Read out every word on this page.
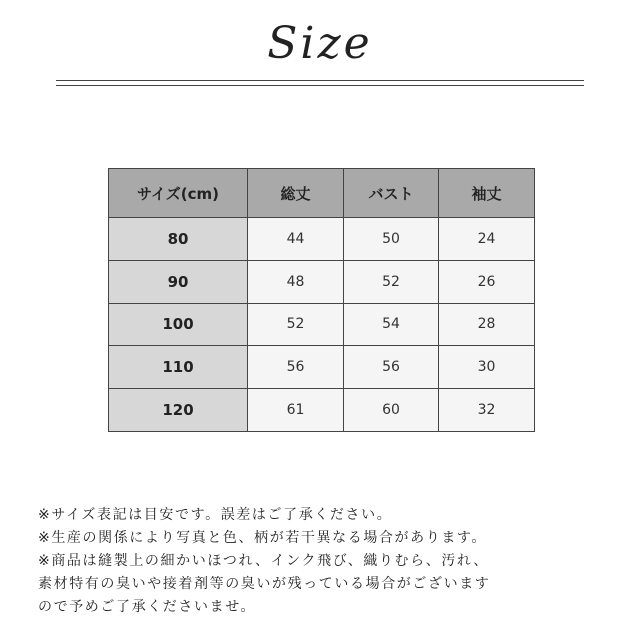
Size
サイズ(cm)	総丈	バスト	袖丈
80	44	50	24
90	48	52	26
100	52	54	28
110	56	56	30
120	61	60	32

※サイズ表記は目安です。誤差はご了承ください。

※生産の関係により写真と色、柄が若干異なる場合があります。

※商品は縫製上の細かいほつれ、インク飛び、織りむら、汚れ、

素材特有の臭いや接着剤等の臭いが残っている場合がございます

ので予めご了承くださいませ。
